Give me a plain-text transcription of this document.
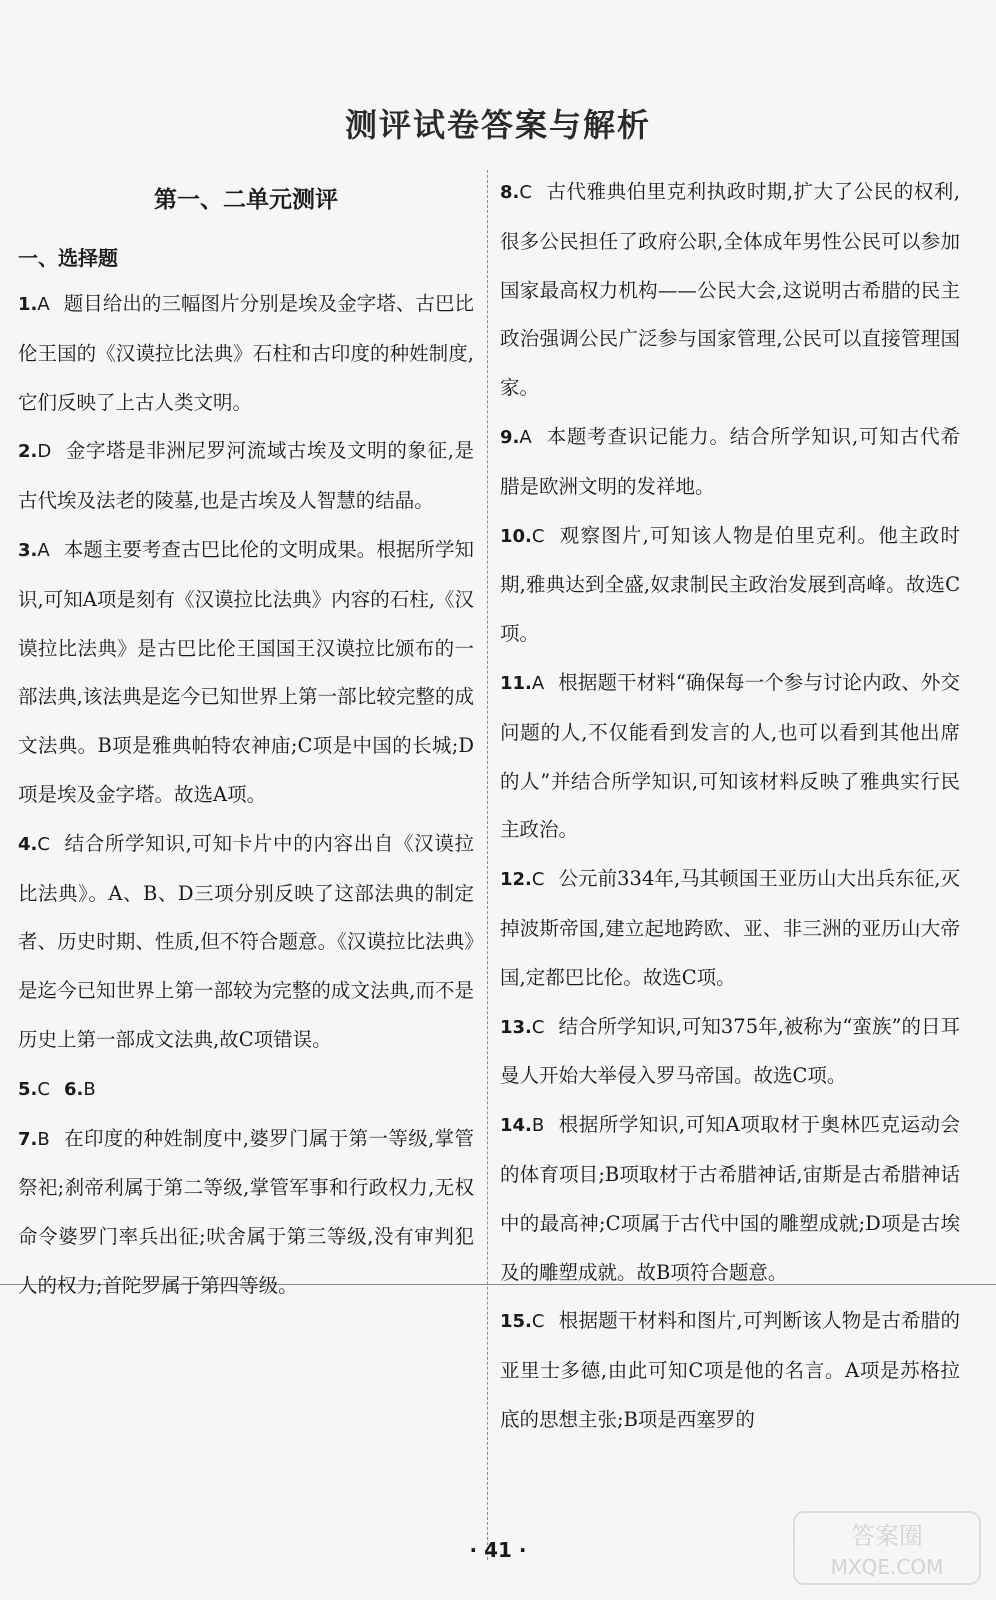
测评试卷答案与解析
第一、二单元测评
一、选择题

1.A 题目给出的三幅图片分别是埃及金字塔、古巴比伦王国的《汉谟拉比法典》石柱和古印度的种姓制度,它们反映了上古人类文明。

2.D 金字塔是非洲尼罗河流域古埃及文明的象征,是古代埃及法老的陵墓,也是古埃及人智慧的结晶。

3.A 本题主要考查古巴比伦的文明成果。根据所学知识,可知A项是刻有《汉谟拉比法典》内容的石柱,《汉谟拉比法典》是古巴比伦王国国王汉谟拉比颁布的一部法典,该法典是迄今已知世界上第一部比较完整的成文法典。B项是雅典帕特农神庙;C项是中国的长城;D项是埃及金字塔。故选A项。

4.C 结合所学知识,可知卡片中的内容出自《汉谟拉比法典》。A、B、D三项分别反映了这部法典的制定者、历史时期、性质,但不符合题意。《汉谟拉比法典》是迄今已知世界上第一部较为完整的成文法典,而不是历史上第一部成文法典,故C项错误。

5.C 6.B

7.B 在印度的种姓制度中,婆罗门属于第一等级,掌管祭祀;刹帝利属于第二等级,掌管军事和行政权力,无权命令婆罗门率兵出征;吠舍属于第三等级,没有审判犯人的权力;首陀罗属于第四等级。

8.C 古代雅典伯里克利执政时期,扩大了公民的权利,很多公民担任了政府公职,全体成年男性公民可以参加国家最高权力机构——公民大会,这说明古希腊的民主政治强调公民广泛参与国家管理,公民可以直接管理国家。

9.A 本题考查识记能力。结合所学知识,可知古代希腊是欧洲文明的发祥地。

10.C 观察图片,可知该人物是伯里克利。他主政时期,雅典达到全盛,奴隶制民主政治发展到高峰。故选C项。

11.A 根据题干材料“确保每一个参与讨论内政、外交问题的人,不仅能看到发言的人,也可以看到其他出席的人”并结合所学知识,可知该材料反映了雅典实行民主政治。

12.C 公元前334年,马其顿国王亚历山大出兵东征,灭掉波斯帝国,建立起地跨欧、亚、非三洲的亚历山大帝国,定都巴比伦。故选C项。

13.C 结合所学知识,可知375年,被称为“蛮族”的日耳曼人开始大举侵入罗马帝国。故选C项。

14.B 根据所学知识,可知A项取材于奥林匹克运动会的体育项目;B项取材于古希腊神话,宙斯是古希腊神话中的最高神;C项属于古代中国的雕塑成就;D项是古埃及的雕塑成就。故B项符合题意。

15.C 根据题干材料和图片,可判断该人物是古希腊的亚里士多德,由此可知C项是他的名言。A项是苏格拉底的思想主张;B项是西塞罗的

· 41 ·	答案圈
MXQE.COM
